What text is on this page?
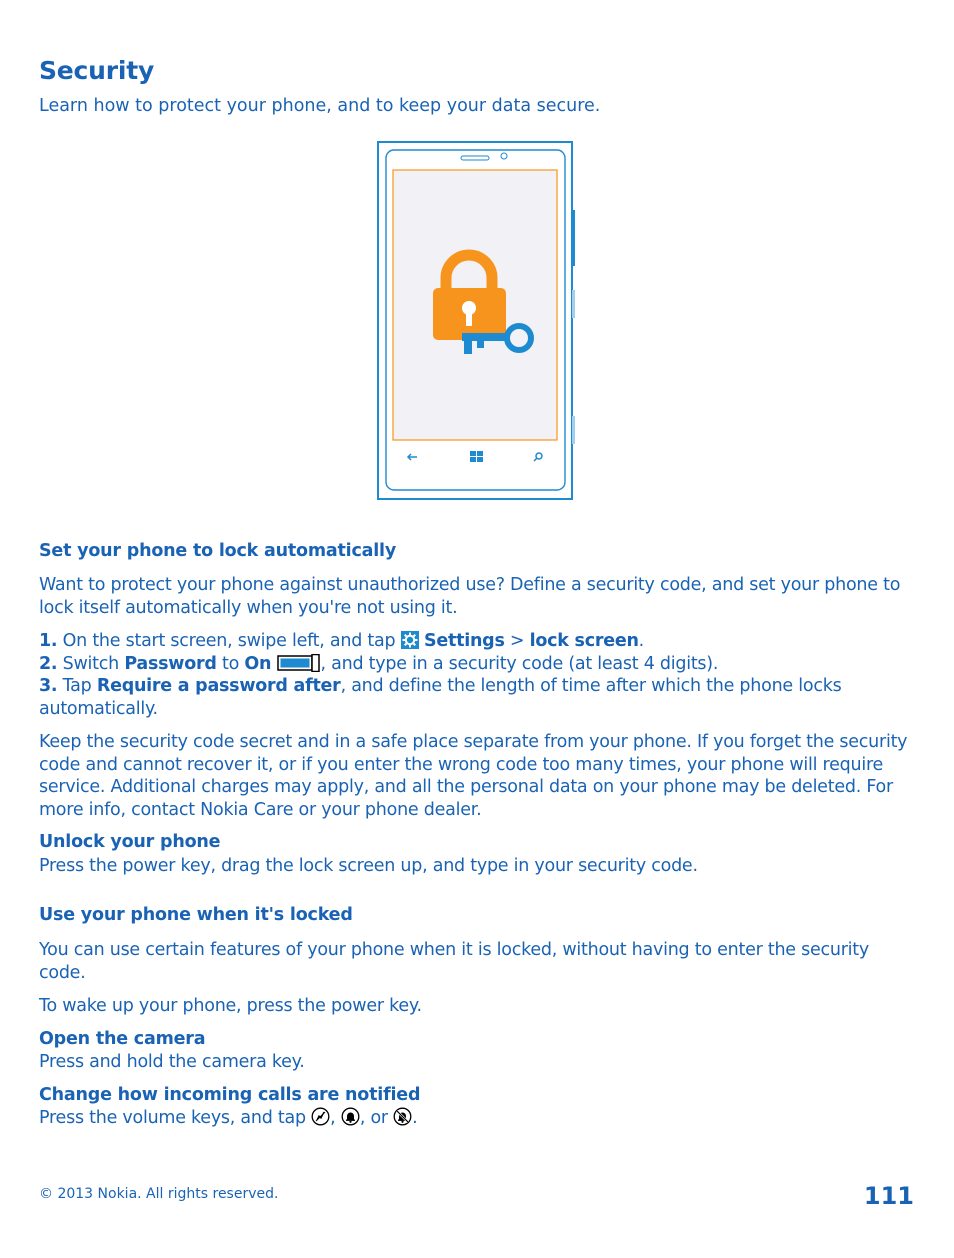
Security
Learn how to protect your phone, and to keep your data secure.
Set your phone to lock automatically

Want to protect your phone against unauthorized use? Define a security code, and set your phone to lock itself automatically when you're not using it.

1. On the start screen, swipe left, and tap  Settings > lock screen.

2. Switch Password to On	, and type in a security code (at least 4 digits).

3. Tap Require a password after, and define the length of time after which the phone locks automatically.

Keep the security code secret and in a safe place separate from your phone. If you forget the security code and cannot recover it, or if you enter the wrong code too many times, your phone will require service. Additional charges may apply, and all the personal data on your phone may be deleted. For more info, contact Nokia Care or your phone dealer.

Unlock your phone

Press the power key, drag the lock screen up, and type in your security code.

Use your phone when it's locked

You can use certain features of your phone when it is locked, without having to enter the security code.

To wake up your phone, press the power key.

Open the camera

Press and hold the camera key.

Change how incoming calls are notified

Press the volume keys, and tap , , or .

© 2013 Nokia. All rights reserved.	111
